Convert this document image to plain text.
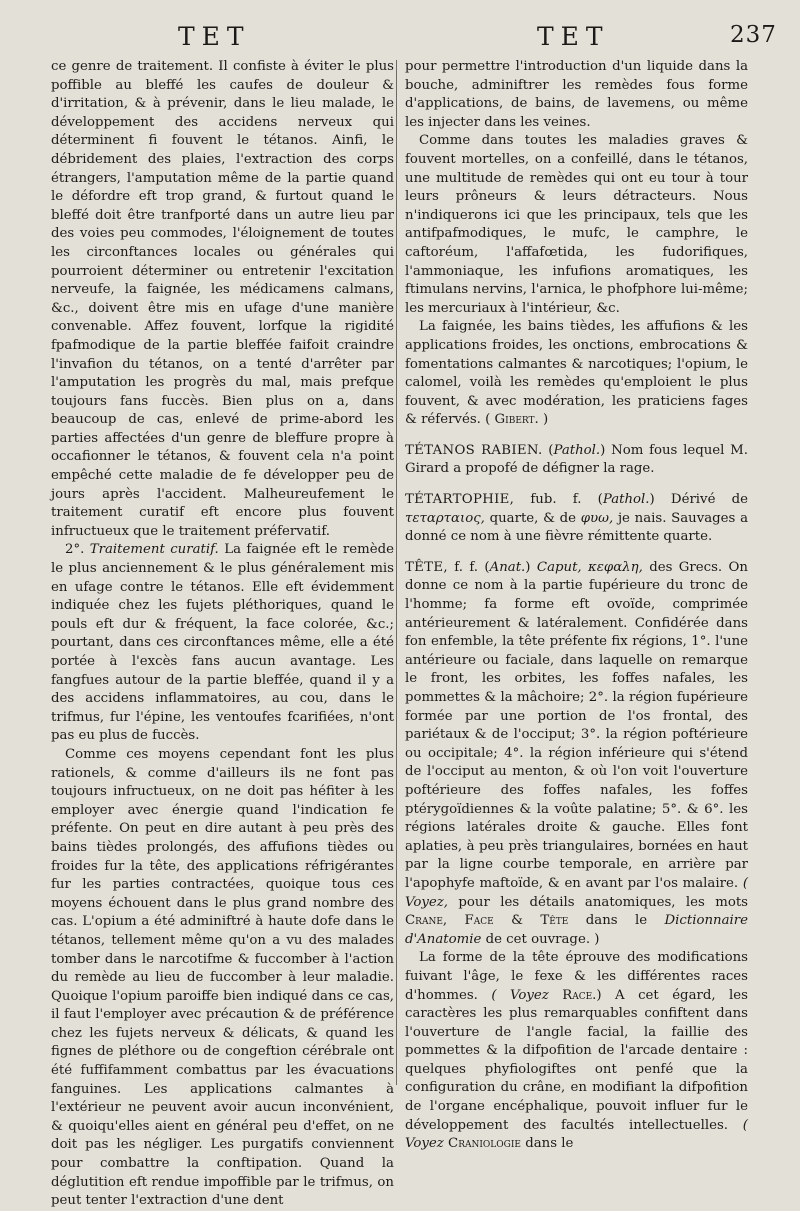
TET	TET	237

ce genre de traitement. Il confiste à éviter le plus poffible au bleffé les caufes de douleur & d'irritation, & à prévenir, dans le lieu malade, le développement des accidens nerveux qui déterminent fi fouvent le tétanos. Ainfi, le débridement des plaies, l'extraction des corps étrangers, l'amputation même de la partie quand le défordre eft trop grand, & furtout quand le bleffé doit être tranfporté dans un autre lieu par des voies peu commodes, l'éloignement de toutes les circonftances locales ou générales qui pourroient déterminer ou entretenir l'excitation nerveufe, la faignée, les médicamens calmans, &c., doivent être mis en ufage d'une manière convenable. Affez fouvent, lorfque la rigidité fpafmodique de la partie bleffée faifoit craindre l'invafion du tétanos, on a tenté d'arrêter par l'amputation les progrès du mal, mais prefque toujours fans fuccès. Bien plus on a, dans beaucoup de cas, enlevé de prime-abord les parties affectées d'un genre de bleffure propre à occafionner le tétanos, & fouvent cela n'a point empêché cette maladie de fe développer peu de jours après l'accident. Malheureufement le traitement curatif eft encore plus fouvent infructueux que le traitement préfervatif.

2°. Traitement curatif. La faignée eft le remède le plus anciennement & le plus généralement mis en ufage contre le tétanos. Elle eft évidemment indiquée chez les fujets pléthoriques, quand le pouls eft dur & fréquent, la face colorée, &c.; pourtant, dans ces circonftances même, elle a été portée à l'excès fans aucun avantage. Les fangfues autour de la partie bleffée, quand il y a des accidens inflammatoires, au cou, dans le trifmus, fur l'épine, les ventoufes fcarifiées, n'ont pas eu plus de fuccès.

Comme ces moyens cependant font les plus rationels, & comme d'ailleurs ils ne font pas toujours infructueux, on ne doit pas héfiter à les employer avec énergie quand l'indication fe préfente. On peut en dire autant à peu près des bains tièdes prolongés, des affufions tièdes ou froides fur la tête, des applications réfrigérantes fur les parties contractées, quoique tous ces moyens échouent dans le plus grand nombre des cas. L'opium a été adminiftré à haute dofe dans le tétanos, tellement même qu'on a vu des malades tomber dans le narcotifme & fuccomber à l'action du remède au lieu de fuccomber à leur maladie. Quoique l'opium paroiffe bien indiqué dans ce cas, il faut l'employer avec précaution & de préférence chez les fujets nerveux & délicats, & quand les fignes de pléthore ou de congeftion cérébrale ont été fuffifamment combattus par les évacuations fanguines. Les applications calmantes à l'extérieur ne peuvent avoir aucun inconvénient, & quoiqu'elles aient en général peu d'effet, on ne doit pas les négliger. Les purgatifs conviennent pour combattre la conftipation. Quand la déglutition eft rendue impoffible par le trifmus, on peut tenter l'extraction d'une dent

pour permettre l'introduction d'un liquide dans la bouche, adminiftrer les remèdes fous forme d'applications, de bains, de lavemens, ou même les injecter dans les veines.

Comme dans toutes les maladies graves & fouvent mortelles, on a confeillé, dans le tétanos, une multitude de remèdes qui ont eu tour à tour leurs prôneurs & leurs détracteurs. Nous n'indiquerons ici que les principaux, tels que les antifpafmodiques, le mufc, le camphre, le caftoréum, l'affafœtida, les fudorifiques, l'ammoniaque, les infufions aromatiques, les ftimulans nervins, l'arnica, le phofphore lui-même; les mercuriaux à l'intérieur, &c.

La faignée, les bains tièdes, les affufions & les applications froides, les onctions, embrocations & fomentations calmantes & narcotiques; l'opium, le calomel, voilà les remèdes qu'emploient le plus fouvent, & avec modération, les praticiens fages & réfervés. ( Gibert. )

TÉTANOS RABIEN. (Pathol.) Nom fous lequel M. Girard a propofé de défigner la rage.

TÉTARTOPHIE, fub. f. (Pathol.) Dérivé de τεταρταιος, quarte, & de φυω, je nais. Sauvages a donné ce nom à une fièvre rémittente quarte.

TÊTE, f. f. (Anat.) Caput, κεφαλη, des Grecs. On donne ce nom à la partie fupérieure du tronc de l'homme; fa forme eft ovoïde, comprimée antérieurement & latéralement. Confidérée dans fon enfemble, la tête préfente fix régions, 1°. l'une antérieure ou faciale, dans laquelle on remarque le front, les orbites, les foffes nafales, les pommettes & la mâchoire; 2°. la région fupérieure formée par une portion de l'os frontal, des pariétaux & de l'occiput; 3°. la région poftérieure ou occipitale; 4°. la région inférieure qui s'étend de l'occiput au menton, & où l'on voit l'ouverture poftérieure des foffes nafales, les foffes ptérygoïdiennes & la voûte palatine; 5°. & 6°. les régions latérales droite & gauche. Elles font aplaties, à peu près triangulaires, bornées en haut par la ligne courbe temporale, en arrière par l'apophyfe maftoïde, & en avant par l'os malaire. ( Voyez, pour les détails anatomiques, les mots Crane, Face & Tête dans le Dictionnaire d'Anatomie de cet ouvrage. )

La forme de la tête éprouve des modifications fuivant l'âge, le fexe & les différentes races d'hommes. ( Voyez Race.) A cet égard, les caractères les plus remarquables confiftent dans l'ouverture de l'angle facial, la faillie des pommettes & la difpofition de l'arcade dentaire : quelques phyfiologiftes ont penfé que la configuration du crâne, en modifiant la difpofition de l'organe encéphalique, pouvoit influer fur le développement des facultés intellectuelles. ( Voyez Craniologie dans le
